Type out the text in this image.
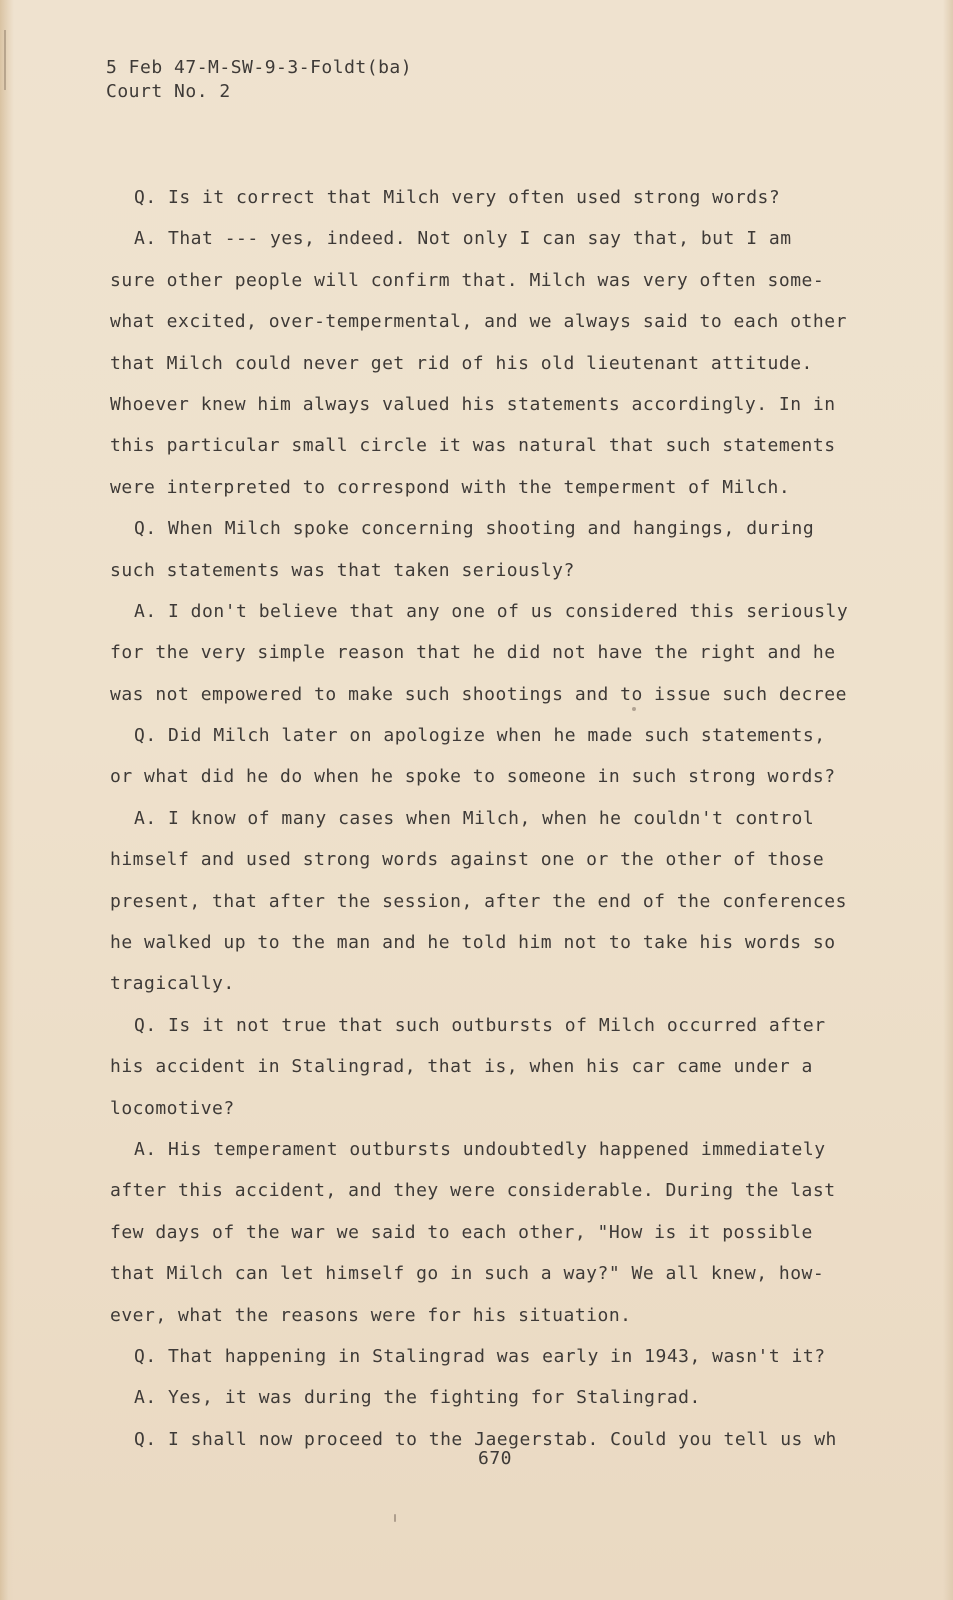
5 Feb 47-M-SW-9-3-Foldt(ba)
Court No. 2
Q. Is it correct that Milch very often used strong words?
A. That --- yes, indeed. Not only I can say that, but I am
sure other people will confirm that. Milch was very often some-
what excited, over-tempermental, and we always said to each other
that Milch could never get rid of his old lieutenant attitude.
Whoever knew him always valued his statements accordingly. In in
this particular small circle it was natural that such statements
were interpreted to correspond with the temperment of Milch.
Q. When Milch spoke concerning shooting and hangings, during
such statements was that taken seriously?
A. I don't believe that any one of us considered this seriously
for the very simple reason that he did not have the right and he
was not empowered to make such shootings and to issue such decree
Q. Did Milch later on apologize when he made such statements,
or what did he do when he spoke to someone in such strong words?
A. I know of many cases when Milch, when he couldn't control
himself and used strong words against one or the other of those
present, that after the session, after the end of the conferences
he walked up to the man and he told him not to take his words so
tragically.
Q. Is it not true that such outbursts of Milch occurred after
his accident in Stalingrad, that is, when his car came under a
locomotive?
A. His temperament outbursts undoubtedly happened immediately
after this accident, and they were considerable. During the last
few days of the war we said to each other, "How is it possible
that Milch can let himself go in such a way?" We all knew, how-
ever, what the reasons were for his situation.
Q. That happening in Stalingrad was early in 1943, wasn't it?
A. Yes, it was during the fighting for Stalingrad.
Q. I shall now proceed to the Jaegerstab. Could you tell us wh
670
